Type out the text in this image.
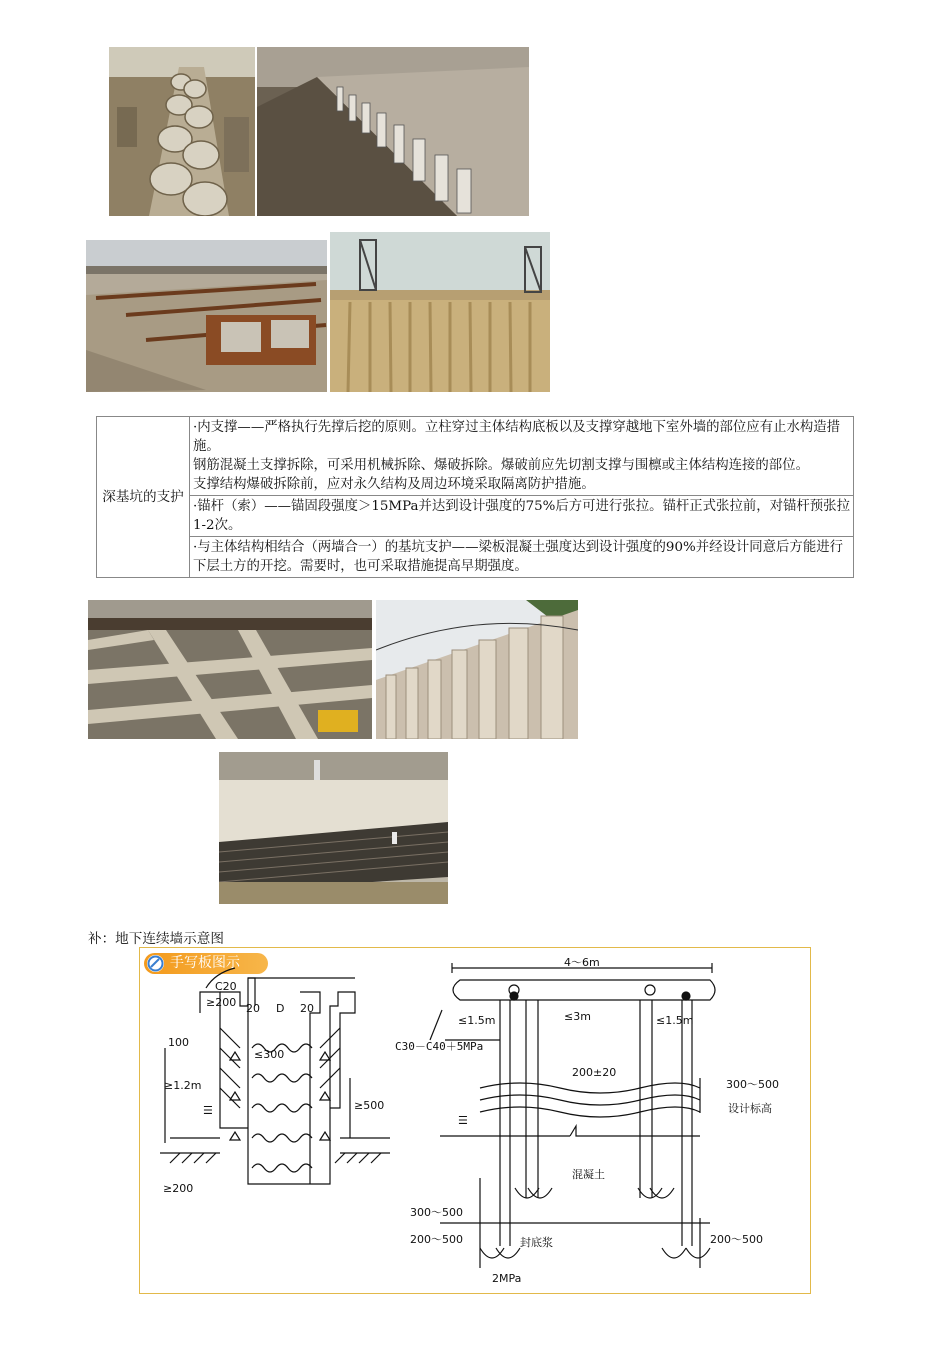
深基坑的支护	
·内支撑——严格执行先撑后挖的原则。立柱穿过主体结构底板以及支撑穿越地下室外墙的部位应有止水构造措施。
钢筋混凝土支撑拆除，可采用机械拆除、爆破拆除。爆破前应先切割支撑与围檩或主体结构连接的部位。
支撑结构爆破拆除前，应对永久结构及周边环境采取隔离防护措施。

·锚杆（索）——锚固段强度＞15MPa并达到设计强度的75%后方可进行张拉。锚杆正式张拉前，对锚杆预张拉1-2次。

·与主体结构相结合（两墙合一）的基坑支护——梁板混凝土强度达到设计强度的90%并经设计同意后方能进行下层土方的开挖。需要时，也可采取措施提高早期强度。
补：地下连续墙示意图
手写板图示
C20
≥200 20 D 20
100
≤300
≥1.2m
≥500
≥200
☰
4～6m
≤1.5m	≤3m	≤1.5m
C30－C40＋5MPa
200±20
300～500
设计标高
☰
混凝土
300～500
200～500	200～500
封底浆
2MPa
